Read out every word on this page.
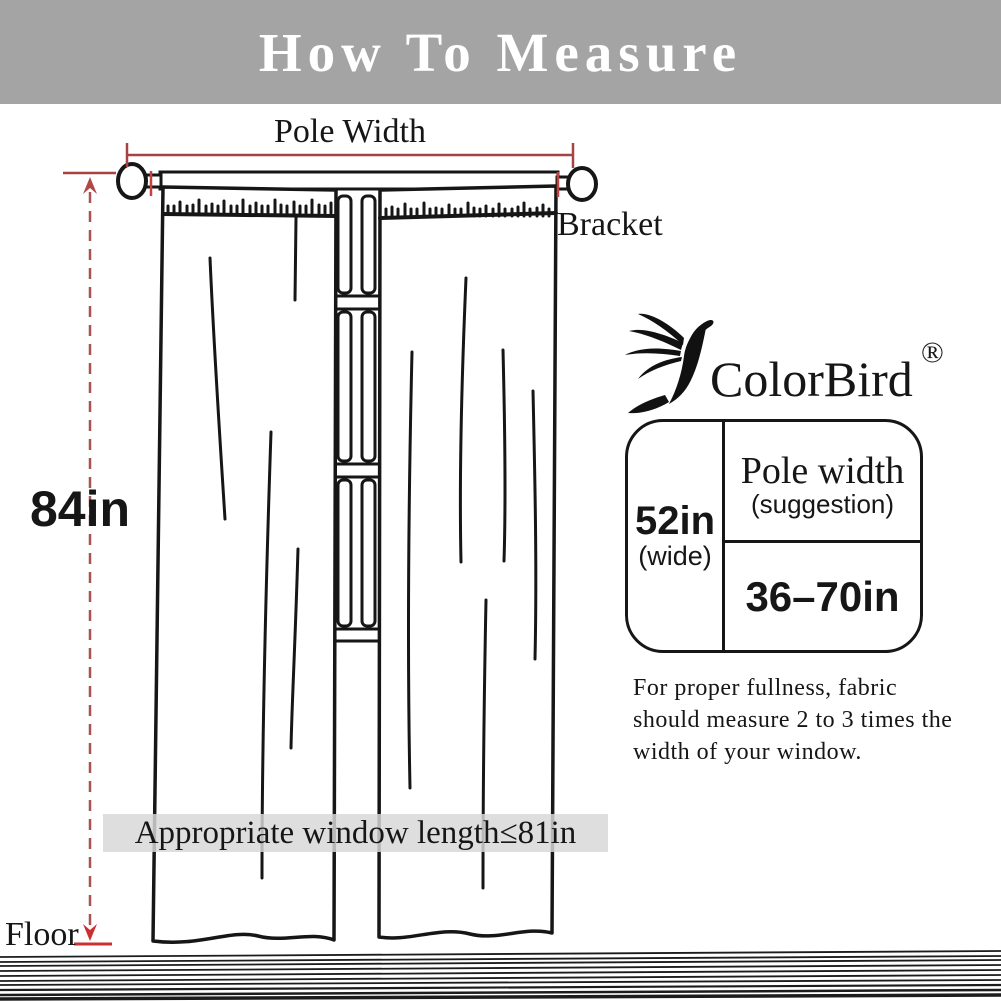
How To Measure
Pole Width
Bracket
84in
Floor
Appropriate window length≤81in
ColorBird ®
52in
(wide)
Pole width
(suggestion)
36–70in
For proper fullness, fabric
should measure 2 to 3 times the
width of your window.
